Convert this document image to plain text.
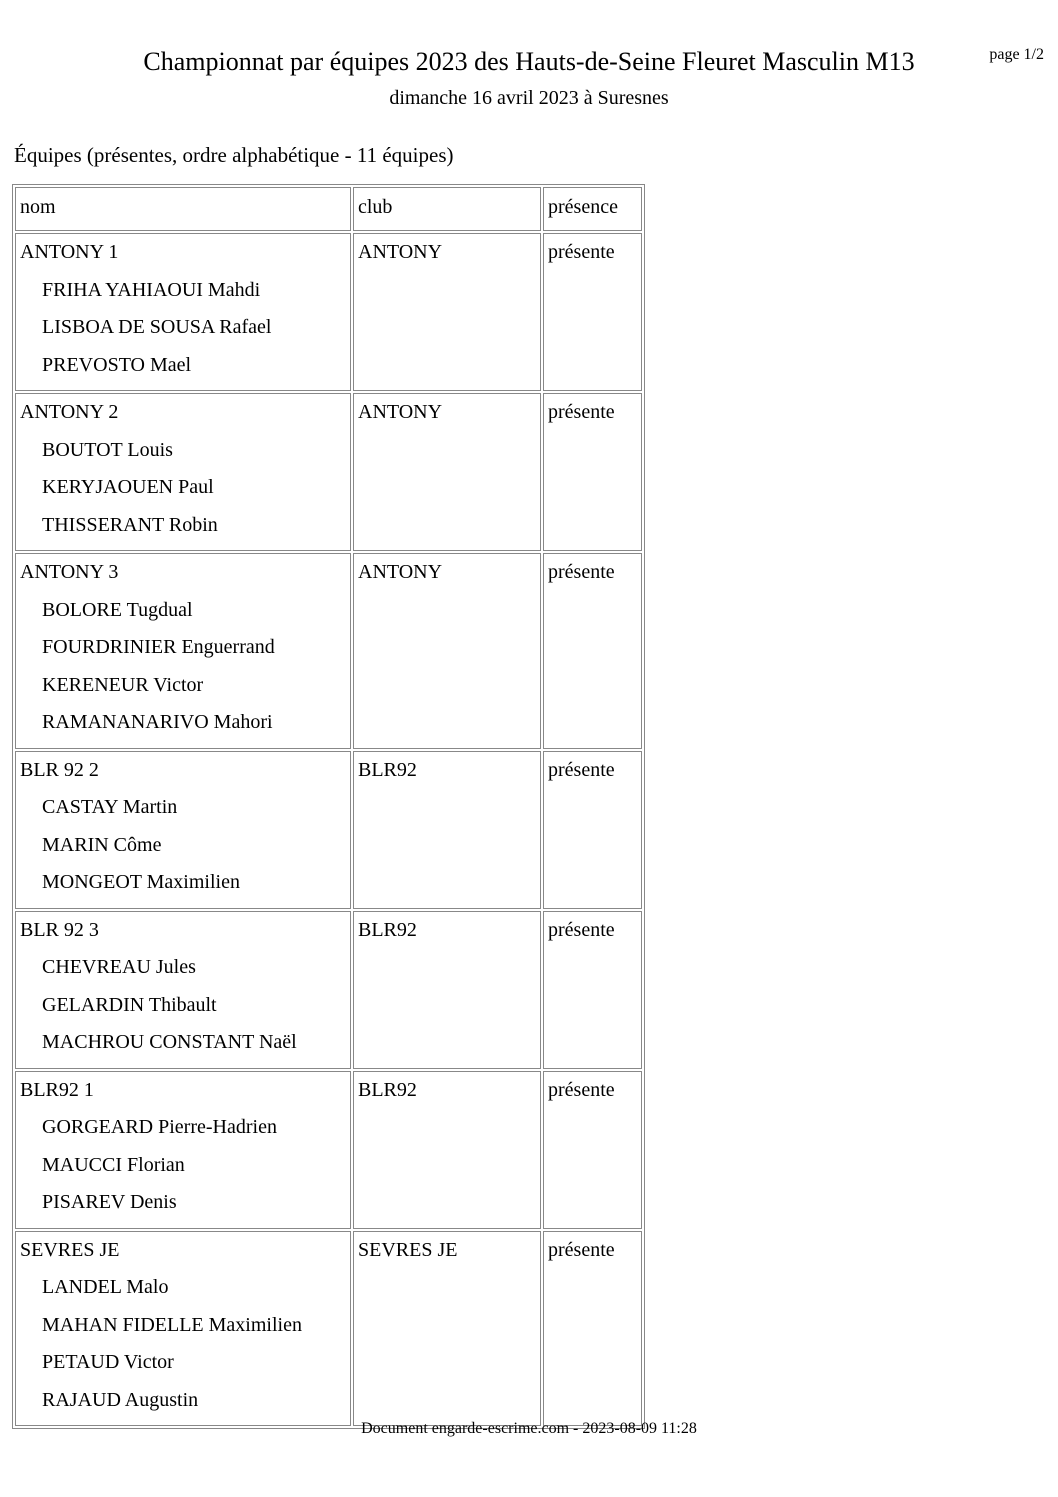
page 1/2
Championnat par équipes 2023 des Hauts-de-Seine Fleuret Masculin M13
dimanche 16 avril 2023 à Suresnes
Équipes (présentes, ordre alphabétique - 11 équipes)
nom	club	présence

ANTONY 1
FRIHA YAHIAOUI Mahdi
LISBOA DE SOUSA Rafael
PREVOSTO Mael	ANTONY	présente

ANTONY 2
BOUTOT Louis
KERYJAOUEN Paul
THISSERANT Robin	ANTONY	présente

ANTONY 3
BOLORE Tugdual
FOURDRINIER Enguerrand
KERENEUR Victor
RAMANANARIVO Mahori	ANTONY	présente

BLR 92 2
CASTAY Martin
MARIN Côme
MONGEOT Maximilien	BLR92	présente

BLR 92 3
CHEVREAU Jules
GELARDIN Thibault
MACHROU CONSTANT Naël	BLR92	présente

BLR92 1
GORGEARD Pierre-Hadrien
MAUCCI Florian
PISAREV Denis	BLR92	présente

SEVRES JE
LANDEL Malo
MAHAN FIDELLE Maximilien
PETAUD Victor
RAJAUD Augustin	SEVRES JE	présente
Document engarde-escrime.com - 2023-08-09 11:28
